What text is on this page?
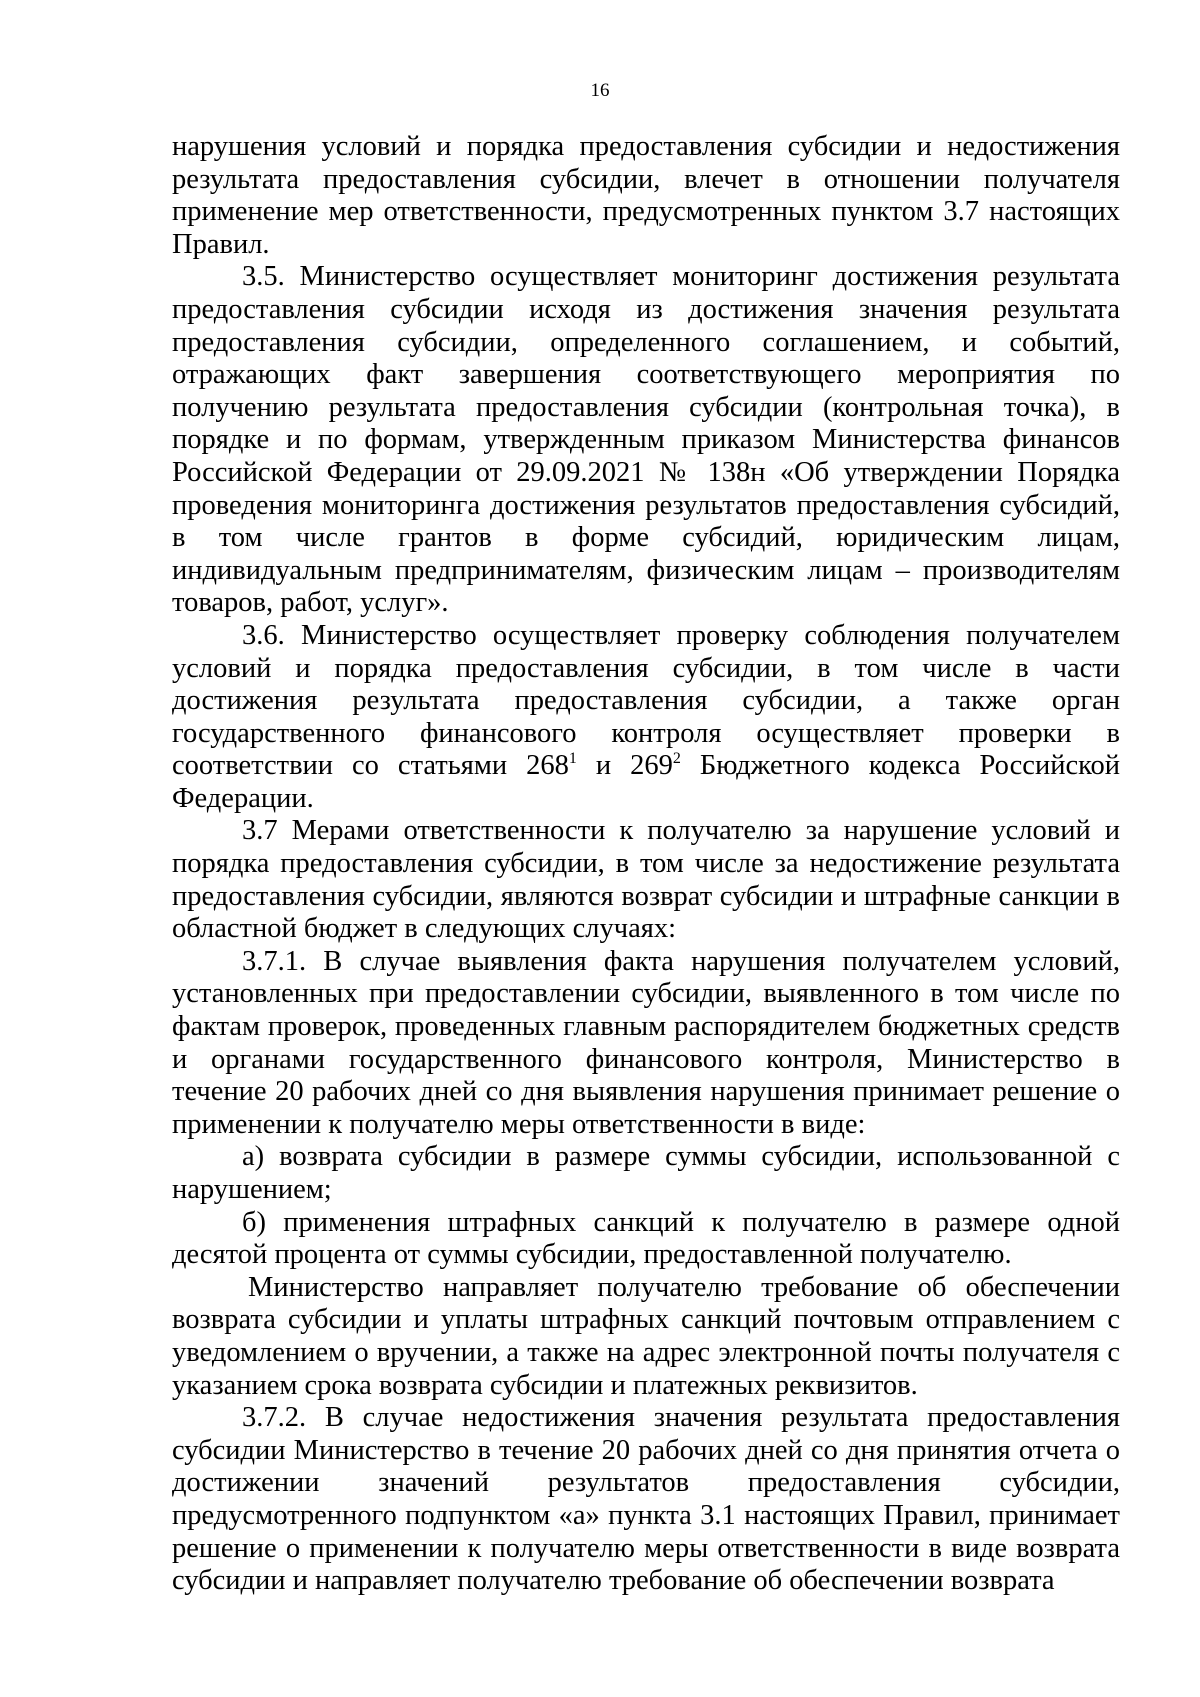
16

нарушения условий и порядка предоставления субсидии и недостижения результата предоставления субсидии, влечет в отношении получателя применение мер ответственности, предусмотренных пунктом 3.7 настоящих Правил.

3.5. Министерство осуществляет мониторинг достижения результата предоставления субсидии исходя из достижения значения результата предоставления субсидии, определенного соглашением, и событий, отражающих факт завершения соответствующего мероприятия по получению результата предоставления субсидии (контрольная точка), в порядке и по формам, утвержденным приказом Министерства финансов Российской Федерации от 29.09.2021 № 138н «Об утверждении Порядка проведения мониторинга достижения результатов предоставления субсидий, в том числе грантов в форме субсидий, юридическим лицам, индивидуальным предпринимателям, физическим лицам – производителям товаров, работ, услуг».

3.6. Министерство осуществляет проверку соблюдения получателем условий и порядка предоставления субсидии, в том числе в части достижения результата предоставления субсидии, а также орган государственного финансового контроля осуществляет проверки в соответствии со статьями $268^1$ и $269^2$ Бюджетного кодекса Российской Федерации.

3.7 Мерами ответственности к получателю за нарушение условий и порядка предоставления субсидии, в том числе за недостижение результата предоставления субсидии, являются возврат субсидии и штрафные санкции в областной бюджет в следующих случаях:

3.7.1. В случае выявления факта нарушения получателем условий, установленных при предоставлении субсидии, выявленного в том числе по фактам проверок, проведенных главным распорядителем бюджетных средств и органами государственного финансового контроля, Министерство в течение 20 рабочих дней со дня выявления нарушения принимает решение о применении к получателю меры ответственности в виде:

а) возврата субсидии в размере суммы субсидии, использованной с нарушением;

б) применения штрафных санкций к получателю в размере одной десятой процента от суммы субсидии, предоставленной получателю.

Министерство направляет получателю требование об обеспечении возврата субсидии и уплаты штрафных санкций почтовым отправлением с уведомлением о вручении, а также на адрес электронной почты получателя с указанием срока возврата субсидии и платежных реквизитов.

3.7.2. В случае недостижения значения результата предоставления субсидии Министерство в течение 20 рабочих дней со дня принятия отчета о достижении значений результатов предоставления субсидии, предусмотренного подпунктом «а» пункта 3.1 настоящих Правил, принимает решение о применении к получателю меры ответственности в виде возврата субсидии и направляет получателю требование об обеспечении возврата
